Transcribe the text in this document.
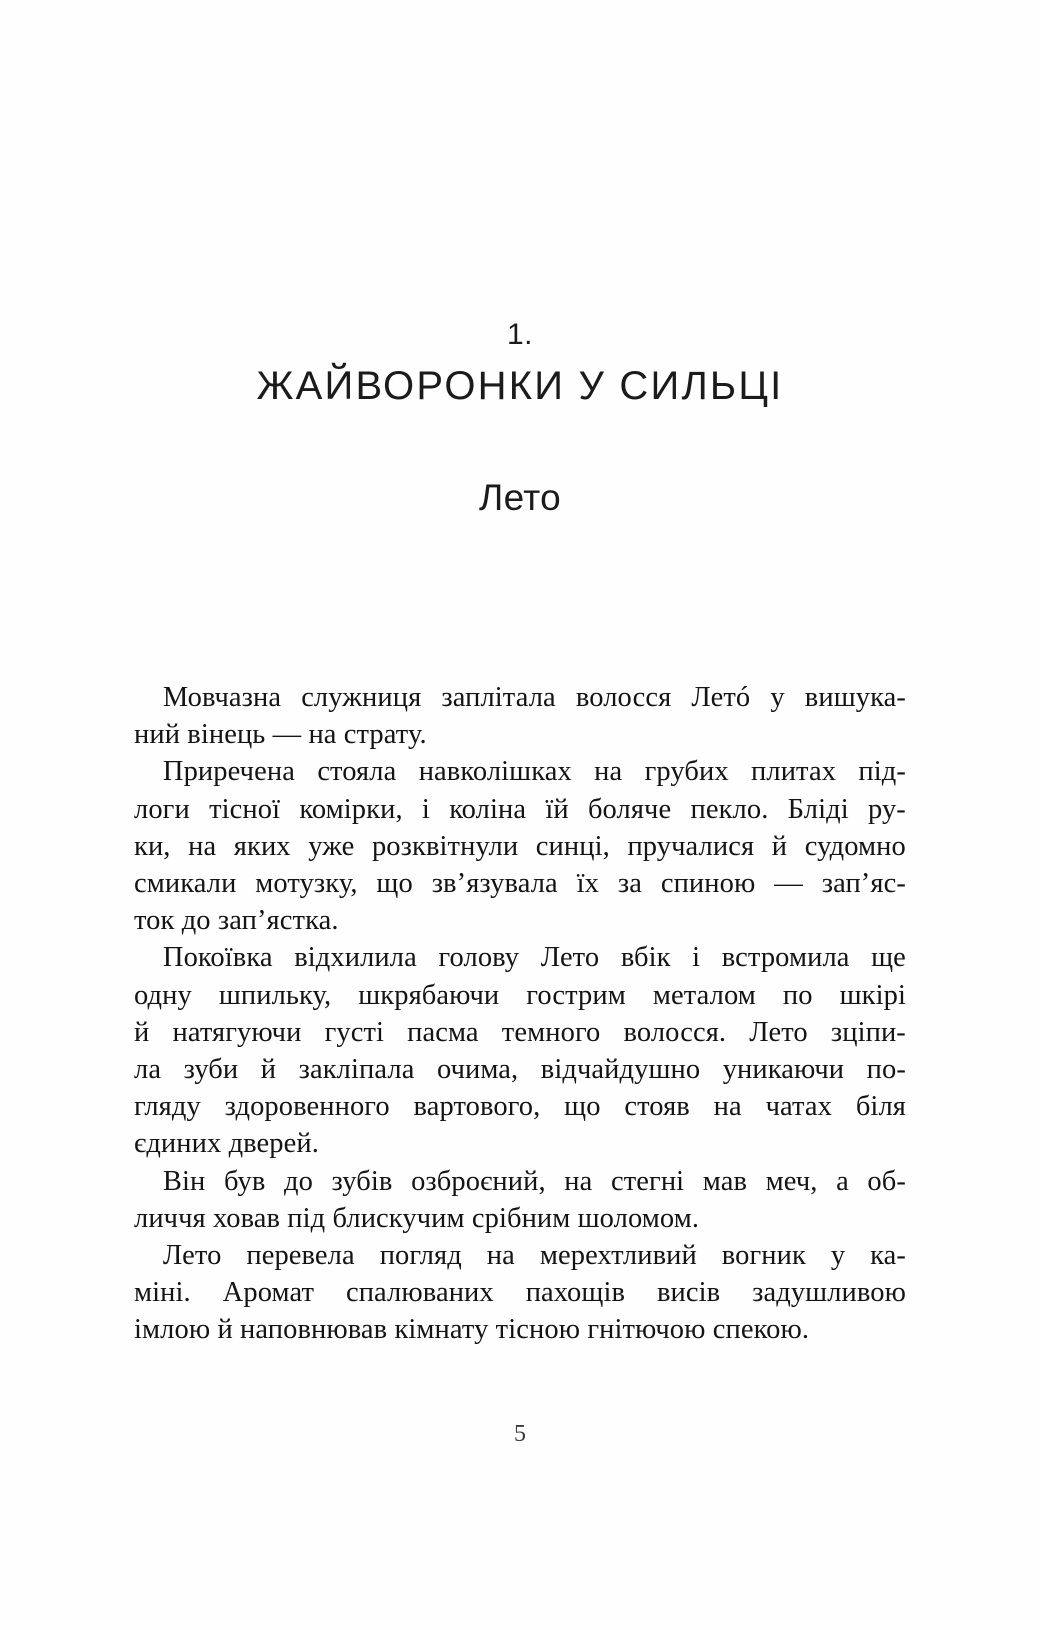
1.
ЖАЙВОРОНКИ У СИЛЬЦІ
Лето

Мовчазна служниця заплітала волосся Летó у вишука-
ний вінець — на страту.

Приречена стояла навколішках на грубих плитах під-
логи тісної комірки, і коліна їй боляче пекло. Бліді ру-
ки, на яких уже розквітнули синці, пручалися й судомно
смикали мотузку, що зв’язувала їх за спиною — зап’яс-
ток до зап’ястка.

Покоївка відхилила голову Лето вбік і встромила ще
одну шпильку, шкрябаючи гострим металом по шкірі
й натягуючи густі пасма темного волосся. Лето зціпи-
ла зуби й закліпала очима, відчайдушно уникаючи по-
гляду здоровенного вартового, що стояв на чатах біля
єдиних дверей.

Він був до зубів озброєний, на стегні мав меч, а об-
личчя ховав під блискучим срібним шоломом.

Лето перевела погляд на мерехтливий вогник у ка-
міні. Аромат спалюваних пахощів висів задушливою
імлою й наповнював кімнату тісною гнітючою спекою.

5
